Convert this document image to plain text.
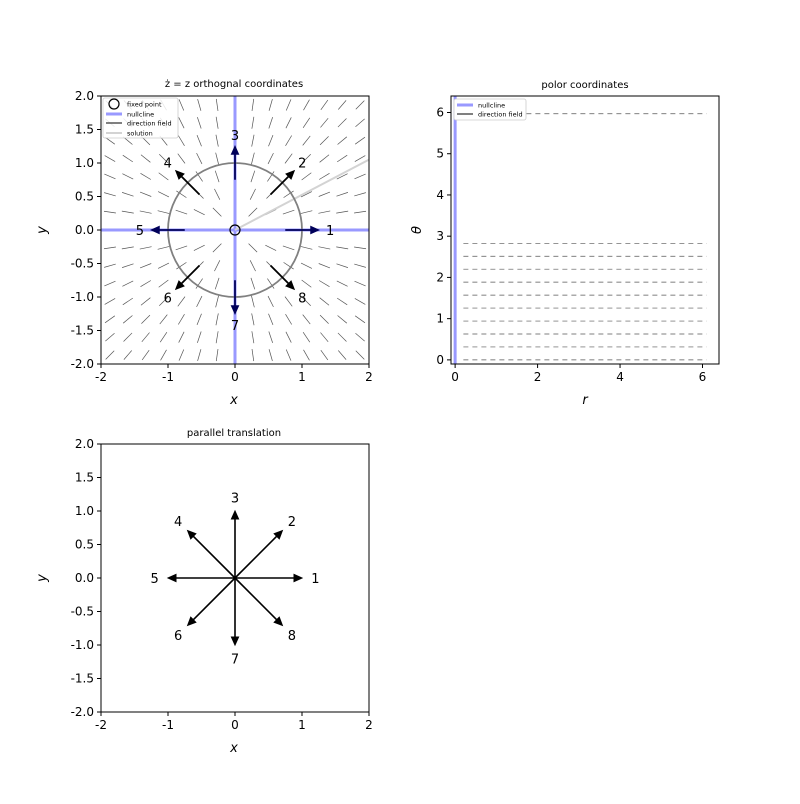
ż = z orthognal coordinates
x
y	1
2
3
4
5
6
7
8
-2	-1	0	1	2
-2.0
-1.5
-1.0
-0.5
0.0
0.5
1.0
1.5
2.0
fixed point
nullcline
direction field
solution
polor coordinates
r
θ
0	2	4	6
0
1
2
3
4
5
6	nullcline
direction field
parallel translation
x
y	1
2
3
4
5
6
7
8
-2	-1	0	1	2
-2.0
-1.5
-1.0
-0.5
0.0
0.5
1.0
1.5
2.0
